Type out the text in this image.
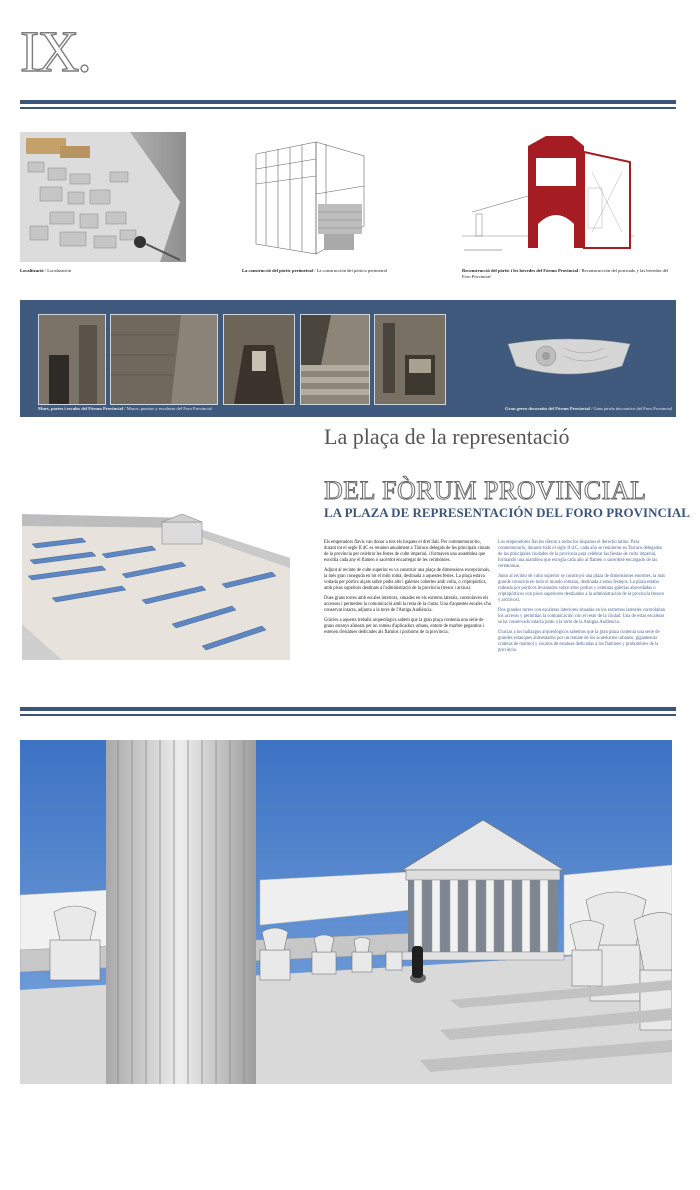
IX.
Localització / Localización	La construcció del pòrtic perimetral / La construcción del pórtico perimetral	Reconstrucció del pòrtic i les bòvedes del Fòrum Provincial / Reconstrucción del porticado y las bóvedas del Foro Provincial
Murs, portes i escales del Fòrum Provincial / Muros, puertas y escaleras del Foro Provincial	Gran gerro decoratiu del Fòrum Provincial / Gran jarrón decorativo del Foro Provincial
La plaça de la representació
DEL FÒRUM PROVINCIAL
LA PLAZA DE REPRESENTACIÓN DEL FORO PROVINCIAL

Els emperadors flavis van donar a tots els hispans el dret llatí. Per commemorar-ho, durant tot el segle II dC es reunien anualment a Tàrraco delegats de les principals ciutats de la província per celebrar les festes de culte imperial, i formaven una assemblea que escollia cada any el flamen o sacerdot encarregat de les cerimònies.

Adjunt al recinte de culte superior es va construir una plaça de dimensions excepcionals, la més gran coneguda en tot el món romà, destinada a aquestes festes. La plaça estava voltada per pòrtics alçats sobre podis alts i galeries cobertes amb volta, o criptopòrtics, amb pisos superiors destinats a l'administració de la província (tresor i arxius).

Dues grans torres amb escales interiors, situades en els extrems laterals, controlaven els accessos i permetien la comunicació amb la resta de la ciutat. Una d'aquestes escales s'ha conservat intacta, adjunta a la torre de l'Antiga Audiència.

Gràcies a aquests treballs arqueològics sabem que la gran plaça contenia una sèrie de grans estanys alineats per un romeu d'aplicadors urbans, entorn de marbre gegantins i estenen d'estàtues dedicades als flamins i prohoms de la província.

Los emperadores flavios dieron a todos los hispanos el derecho latino. Para conmemorarlo, durante todo el siglo II d.C. cada año se reunieron en Tarraco delegados de las principales ciudades de la provincia para celebrar las fiestas de culto imperial, formando una asamblea que escogía cada año al flamen o sacerdote encargado de las ceremonias.

Junto al recinto de culto superior se construyó una plaza de dimensiones enormes, la más grande conocida en todo el mundo romano, destinada a estos festejos. La plaza estaba rodeada por pórticos levantados sobre altos podios y extensas galerías abovedadas o criptopórticos con pisos superiores destinados a la administración de la provincia (tesoro y archivos).

Dos grandes torres con escaleras interiores situadas en los extremos laterales controlaban los accesos y permitían la comunicación con el resto de la ciudad. Una de estas escaleras se ha conservado intacta junto a la torre de la Antigua Audiencia.

Gracias a los hallazgos arqueológicos sabemos que la gran plaza contenía una serie de grandes estanques alimentados por un remate de los acueductos urbanos, gigantescas cráteras de mármol y zócalos de estatuas dedicadas a los flamines y prohombres de la provincia.
